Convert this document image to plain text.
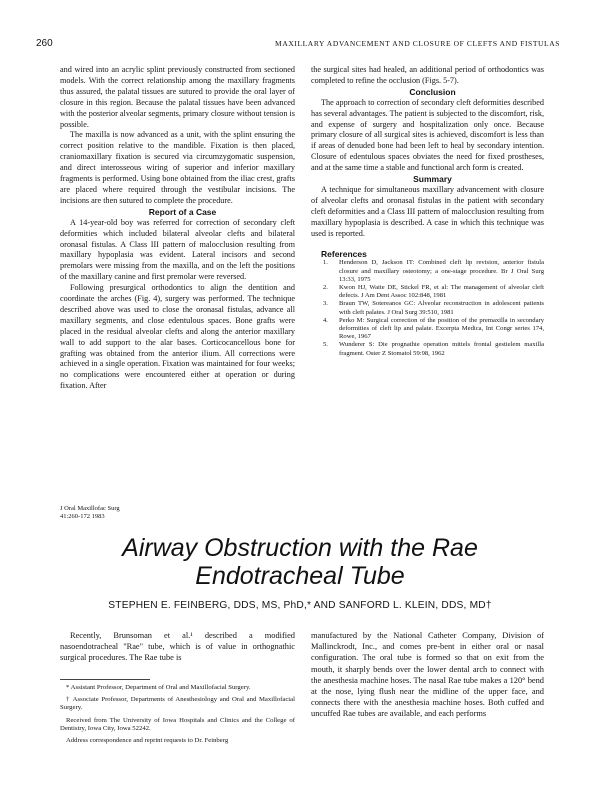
260	MAXILLARY ADVANCEMENT AND CLOSURE OF CLEFTS AND FISTULAS

and wired into an acrylic splint previously constructed from sectioned models. With the correct relationship among the maxillary fragments thus assured, the palatal tissues are sutured to provide the oral layer of closure in this region. Because the palatal tissues have been advanced with the posterior alveolar segments, primary closure without tension is possible.

The maxilla is now advanced as a unit, with the splint ensuring the correct position relative to the mandible. Fixation is then placed, craniomaxillary fixation is secured via circumzygomatic suspension, and direct interosseous wiring of superior and inferior maxillary fragments is performed. Using bone obtained from the iliac crest, grafts are placed where required through the vestibular incisions. The incisions are then sutured to complete the procedure.

Report of a Case

A 14-year-old boy was referred for correction of secondary cleft deformities which included bilateral alveolar clefts and bilateral oronasal fistulas. A Class III pattern of malocclusion resulting from maxillary hypoplasia was evident. Lateral incisors and second premolars were missing from the maxilla, and on the left the positions of the maxillary canine and first premolar were reversed.

Following presurgical orthodontics to align the dentition and coordinate the arches (Fig. 4), surgery was performed. The technique described above was used to close the oronasal fistulas, advance all maxillary segments, and close edentulous spaces. Bone grafts were placed in the residual alveolar clefts and along the anterior maxillary wall to add support to the alar bases. Corticocancellous bone for grafting was obtained from the anterior ilium. All corrections were achieved in a single operation. Fixation was maintained for four weeks; no complications were encountered either at operation or during fixation. After

the surgical sites had healed, an additional period of orthodontics was completed to refine the occlusion (Figs. 5-7).

Conclusion

The approach to correction of secondary cleft deformities described has several advantages. The patient is subjected to the discomfort, risk, and expense of surgery and hospitalization only once. Because primary closure of all surgical sites is achieved, discomfort is less than if areas of denuded bone had been left to heal by secondary intention. Closure of edentulous spaces obviates the need for fixed prostheses, and at the same time a stable and functional arch form is created.

Summary

A technique for simultaneous maxillary advancement with closure of alveolar clefts and oronasal fistulas in the patient with secondary cleft deformities and a Class III pattern of malocclusion resulting from maxillary hypoplasia is described. A case in which this technique was used is reported.

References

1. Henderson D, Jackson IT: Combined cleft lip revision, anterior fistula closure and maxillary osteotomy; a one-stage procedure. Br J Oral Surg 13:33, 1975
2. Kwon HJ, Waite DE, Stickel FR, et al: The management of alveolar cleft defects. J Am Dent Assoc 102:848, 1981
3. Braun TW, Sotereanos GC: Alveolar reconstruction in adolescent patients with cleft palates. J Oral Surg 39:510, 1981
4. Perko M: Surgical correction of the position of the premaxilla in secondary deformities of cleft lip and palate. Excerpta Medica, Int Congr series 174, Rowe, 1967
5. Wunderer S: Die prognathie operation mittels frontal gestielem maxilla fragment. Oster Z Stomatol 59:98, 1962
J Oral Maxillofac Surg
41:260-172 1983
Airway Obstruction with the Rae
Endotracheal Tube
STEPHEN E. FEINBERG, DDS, MS, PhD,* AND SANFORD L. KLEIN, DDS, MD†

Recently, Brunsoman et al.¹ described a modified nasoendotracheal "Rae" tube, which is of value in orthognathic surgical procedures. The Rae tube is

* Assistant Professor, Department of Oral and Maxillofacial Surgery.

† Associate Professor, Departments of Anesthesiology and Oral and Maxillofacial Surgery.

Received from The University of Iowa Hospitals and Clinics and the College of Dentistry, Iowa City, Iowa 52242.

Address correspondence and reprint requests to Dr. Feinberg

manufactured by the National Catheter Company, Division of Mallinckrodt, Inc., and comes pre-bent in either oral or nasal configuration. The oral tube is formed so that on exit from the mouth, it sharply bends over the lower dental arch to connect with the anesthesia machine hoses. The nasal Rae tube makes a 120° bend at the nose, lying flush near the midline of the upper face, and connects there with the anesthesia machine hoses. Both cuffed and uncuffed Rae tubes are available, and each performs
